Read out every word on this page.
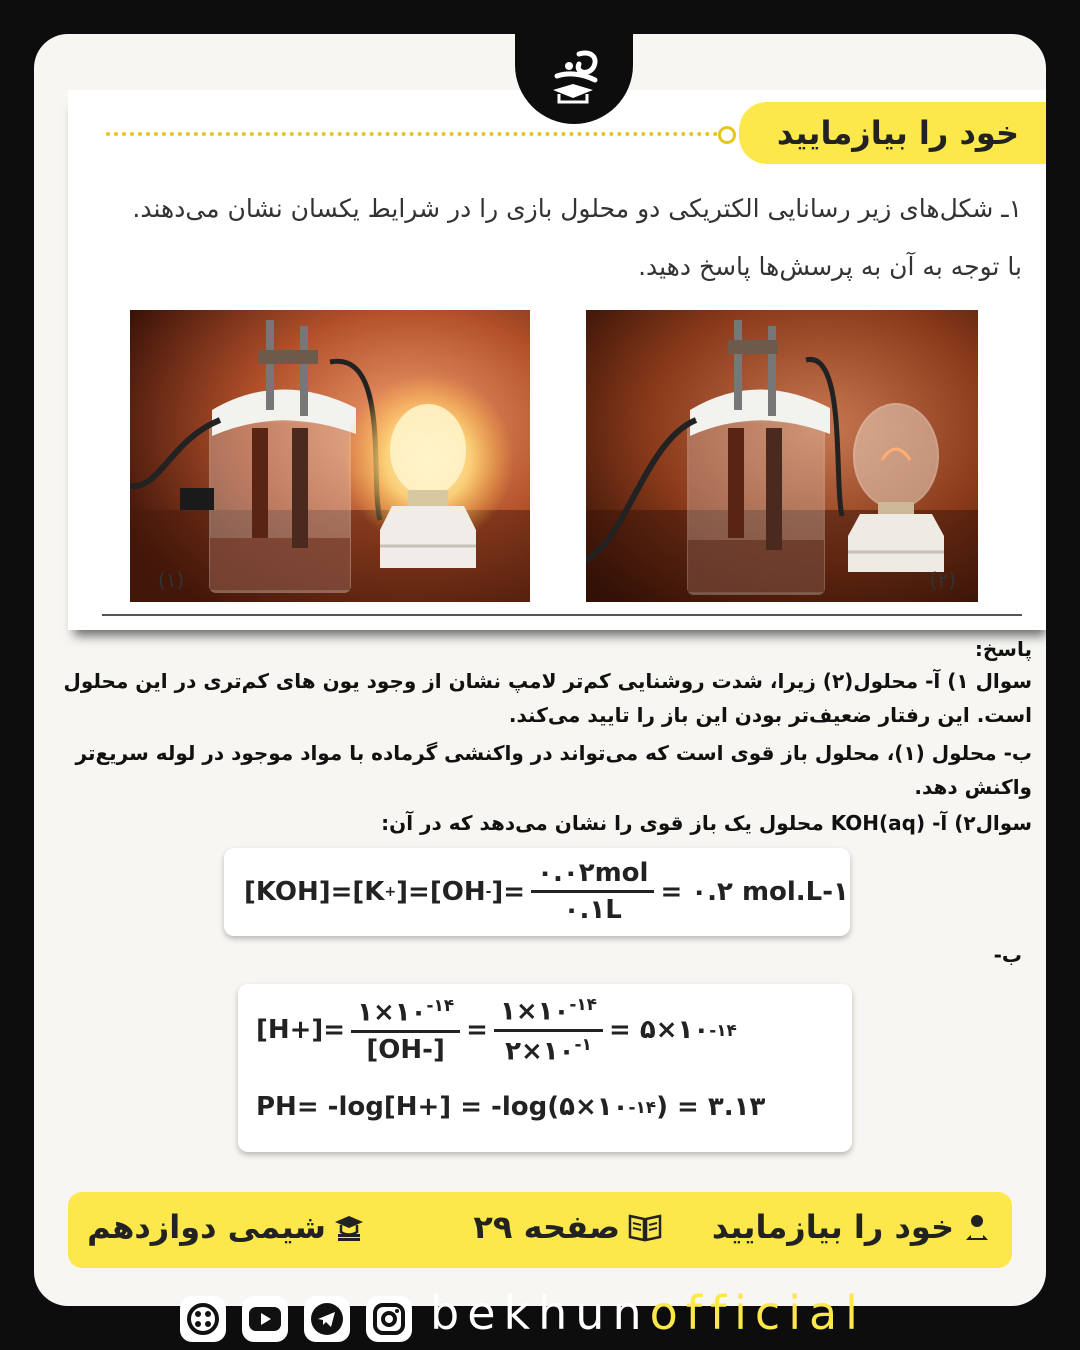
خود را بیازمایید
۱ـ شکل‌های زیر رسانایی الکتریکی دو محلول بازی را در شرایط یکسان نشان می‌دهند.
با توجه به آن به پرسش‌ها پاسخ دهید.
(۱)	(۲)
پاسخ:
سوال ۱) آ- محلول(۲) زیرا، شدت روشنایی کم‌تر لامپ نشان از وجود یون های کم‌تری در این محلول
است. این رفتار ضعیف‌تر بودن این باز را تایید می‌کند.
ب- محلول (۱)، محلول باز قوی است که می‌تواند در واکنشی گرماده با مواد موجود در لوله سریع‌تر
واکنش دهد.
سوال۲) آ- (KOH(aq محلول یک باز قوی را نشان می‌دهد که در آن:
[KOH]=[K + ]=[OH - ]= $\frac{\text{۰.۰۲mol}}{۰.۱L}$ = ۰.۲ mol.L-۱
ب-
$[H+]= \frac{۱\times ۱۰^{-۱۴}}{[OH-]} = \frac{۱\times ۱۰^{-۱۴}}{۲\times ۱۰^{-۱}}$ = ۵×۱۰ -۱۴
PH= -log[H+] = -log(۵×۱۰ -۱۴ ) = ۳.۱۳
خود را بیازمایید
صفحه ۲۹
شیمی دوازدهم
bekhunofficial
